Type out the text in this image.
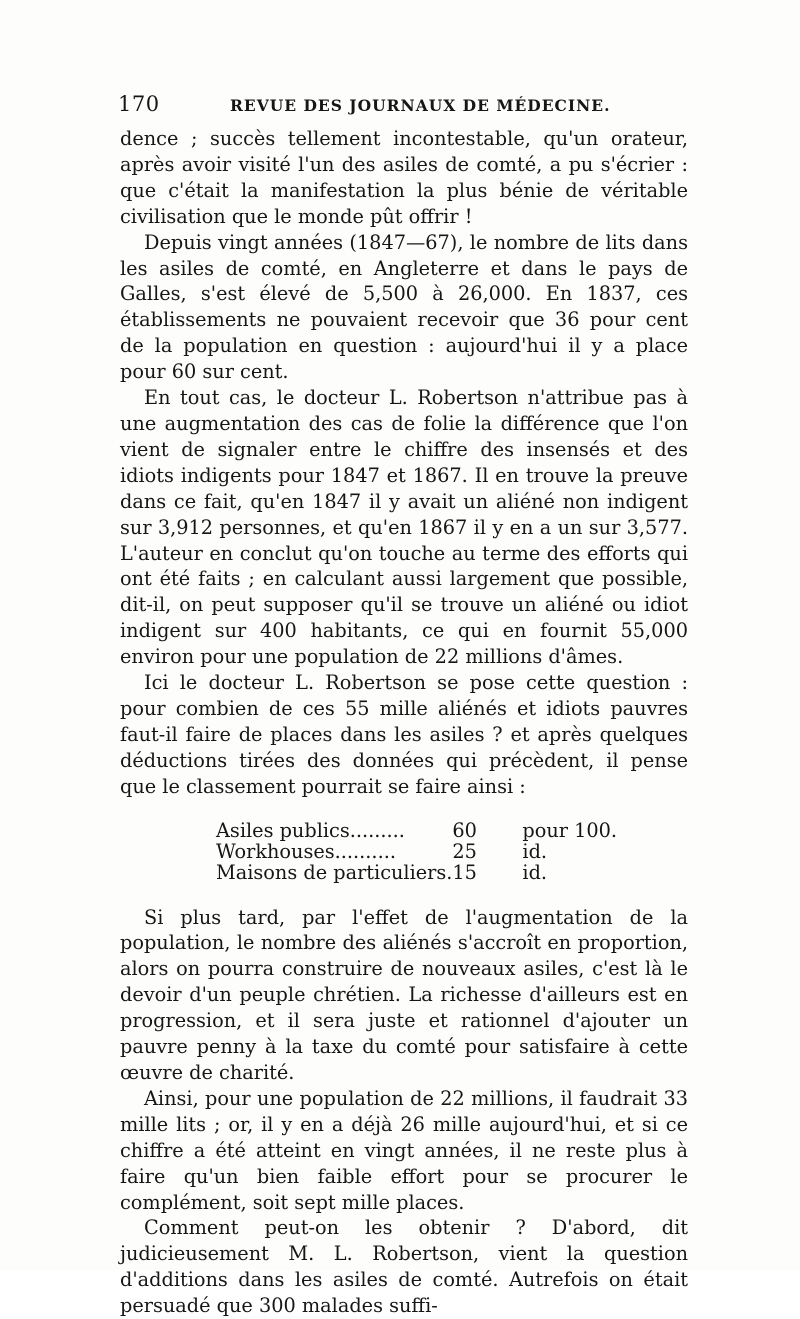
170	REVUE DES JOURNAUX DE MÉDECINE.

dence ; succès tellement incontestable, qu'un orateur, après avoir visité l'un des asiles de comté, a pu s'écrier : que c'était la manifestation la plus bénie de véritable civilisation que le monde pût offrir !

Depuis vingt années (1847—67), le nombre de lits dans les asiles de comté, en Angleterre et dans le pays de Galles, s'est élevé de 5,500 à 26,000. En 1837, ces établissements ne pouvaient recevoir que 36 pour cent de la population en question : aujourd'hui il y a place pour 60 sur cent.

En tout cas, le docteur L. Robertson n'attribue pas à une augmentation des cas de folie la différence que l'on vient de signaler entre le chiffre des insensés et des idiots indigents pour 1847 et 1867. Il en trouve la preuve dans ce fait, qu'en 1847 il y avait un aliéné non indigent sur 3,912 personnes, et qu'en 1867 il y en a un sur 3,577. L'auteur en conclut qu'on touche au terme des efforts qui ont été faits ; en calculant aussi largement que possible, dit-il, on peut supposer qu'il se trouve un aliéné ou idiot indigent sur 400 habitants, ce qui en fournit 55,000 environ pour une population de 22 millions d'âmes.

Ici le docteur L. Robertson se pose cette question : pour combien de ces 55 mille aliénés et idiots pauvres faut-il faire de places dans les asiles ? et après quelques déductions tirées des données qui précèdent, il pense que le classement pourrait se faire ainsi :

Asiles publics.........	60	pour 100.
Workhouses..........	25	id.
Maisons de particuliers.	15	id.

Si plus tard, par l'effet de l'augmentation de la population, le nombre des aliénés s'accroît en proportion, alors on pourra construire de nouveaux asiles, c'est là le devoir d'un peuple chrétien. La richesse d'ailleurs est en progression, et il sera juste et rationnel d'ajouter un pauvre penny à la taxe du comté pour satisfaire à cette œuvre de charité.

Ainsi, pour une population de 22 millions, il faudrait 33 mille lits ; or, il y en a déjà 26 mille aujourd'hui, et si ce chiffre a été atteint en vingt années, il ne reste plus à faire qu'un bien faible effort pour se procurer le complément, soit sept mille places.

Comment peut-on les obtenir ? D'abord, dit judicieusement M. L. Robertson, vient la question d'additions dans les asiles de comté. Autrefois on était persuadé que 300 malades suffi-
